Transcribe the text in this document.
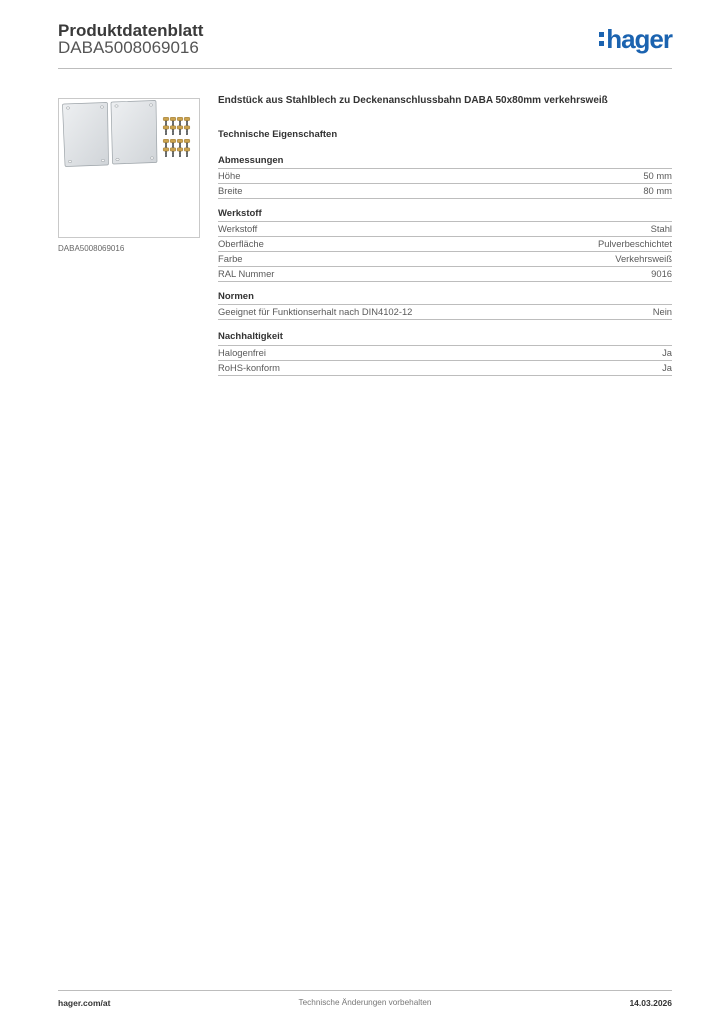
Produktdatenblatt
DABA5008069016	hager
DABA5008069016
Endstück aus Stahlblech zu Deckenanschlussbahn DABA 50x80mm verkehrsweiß
Technische Eigenschaften
Abmessungen
Höhe	50 mm
Breite	80 mm
Werkstoff
Werkstoff	Stahl
Oberfläche	Pulverbeschichtet
Farbe	Verkehrsweiß
RAL Nummer	9016
Normen
Geeignet für Funktionserhalt nach DIN4102-12	Nein
Nachhaltigkeit
Halogenfrei	Ja
RoHS-konform	Ja
Technische Änderungen vorbehalten
hager.com/at	14.03.2026
